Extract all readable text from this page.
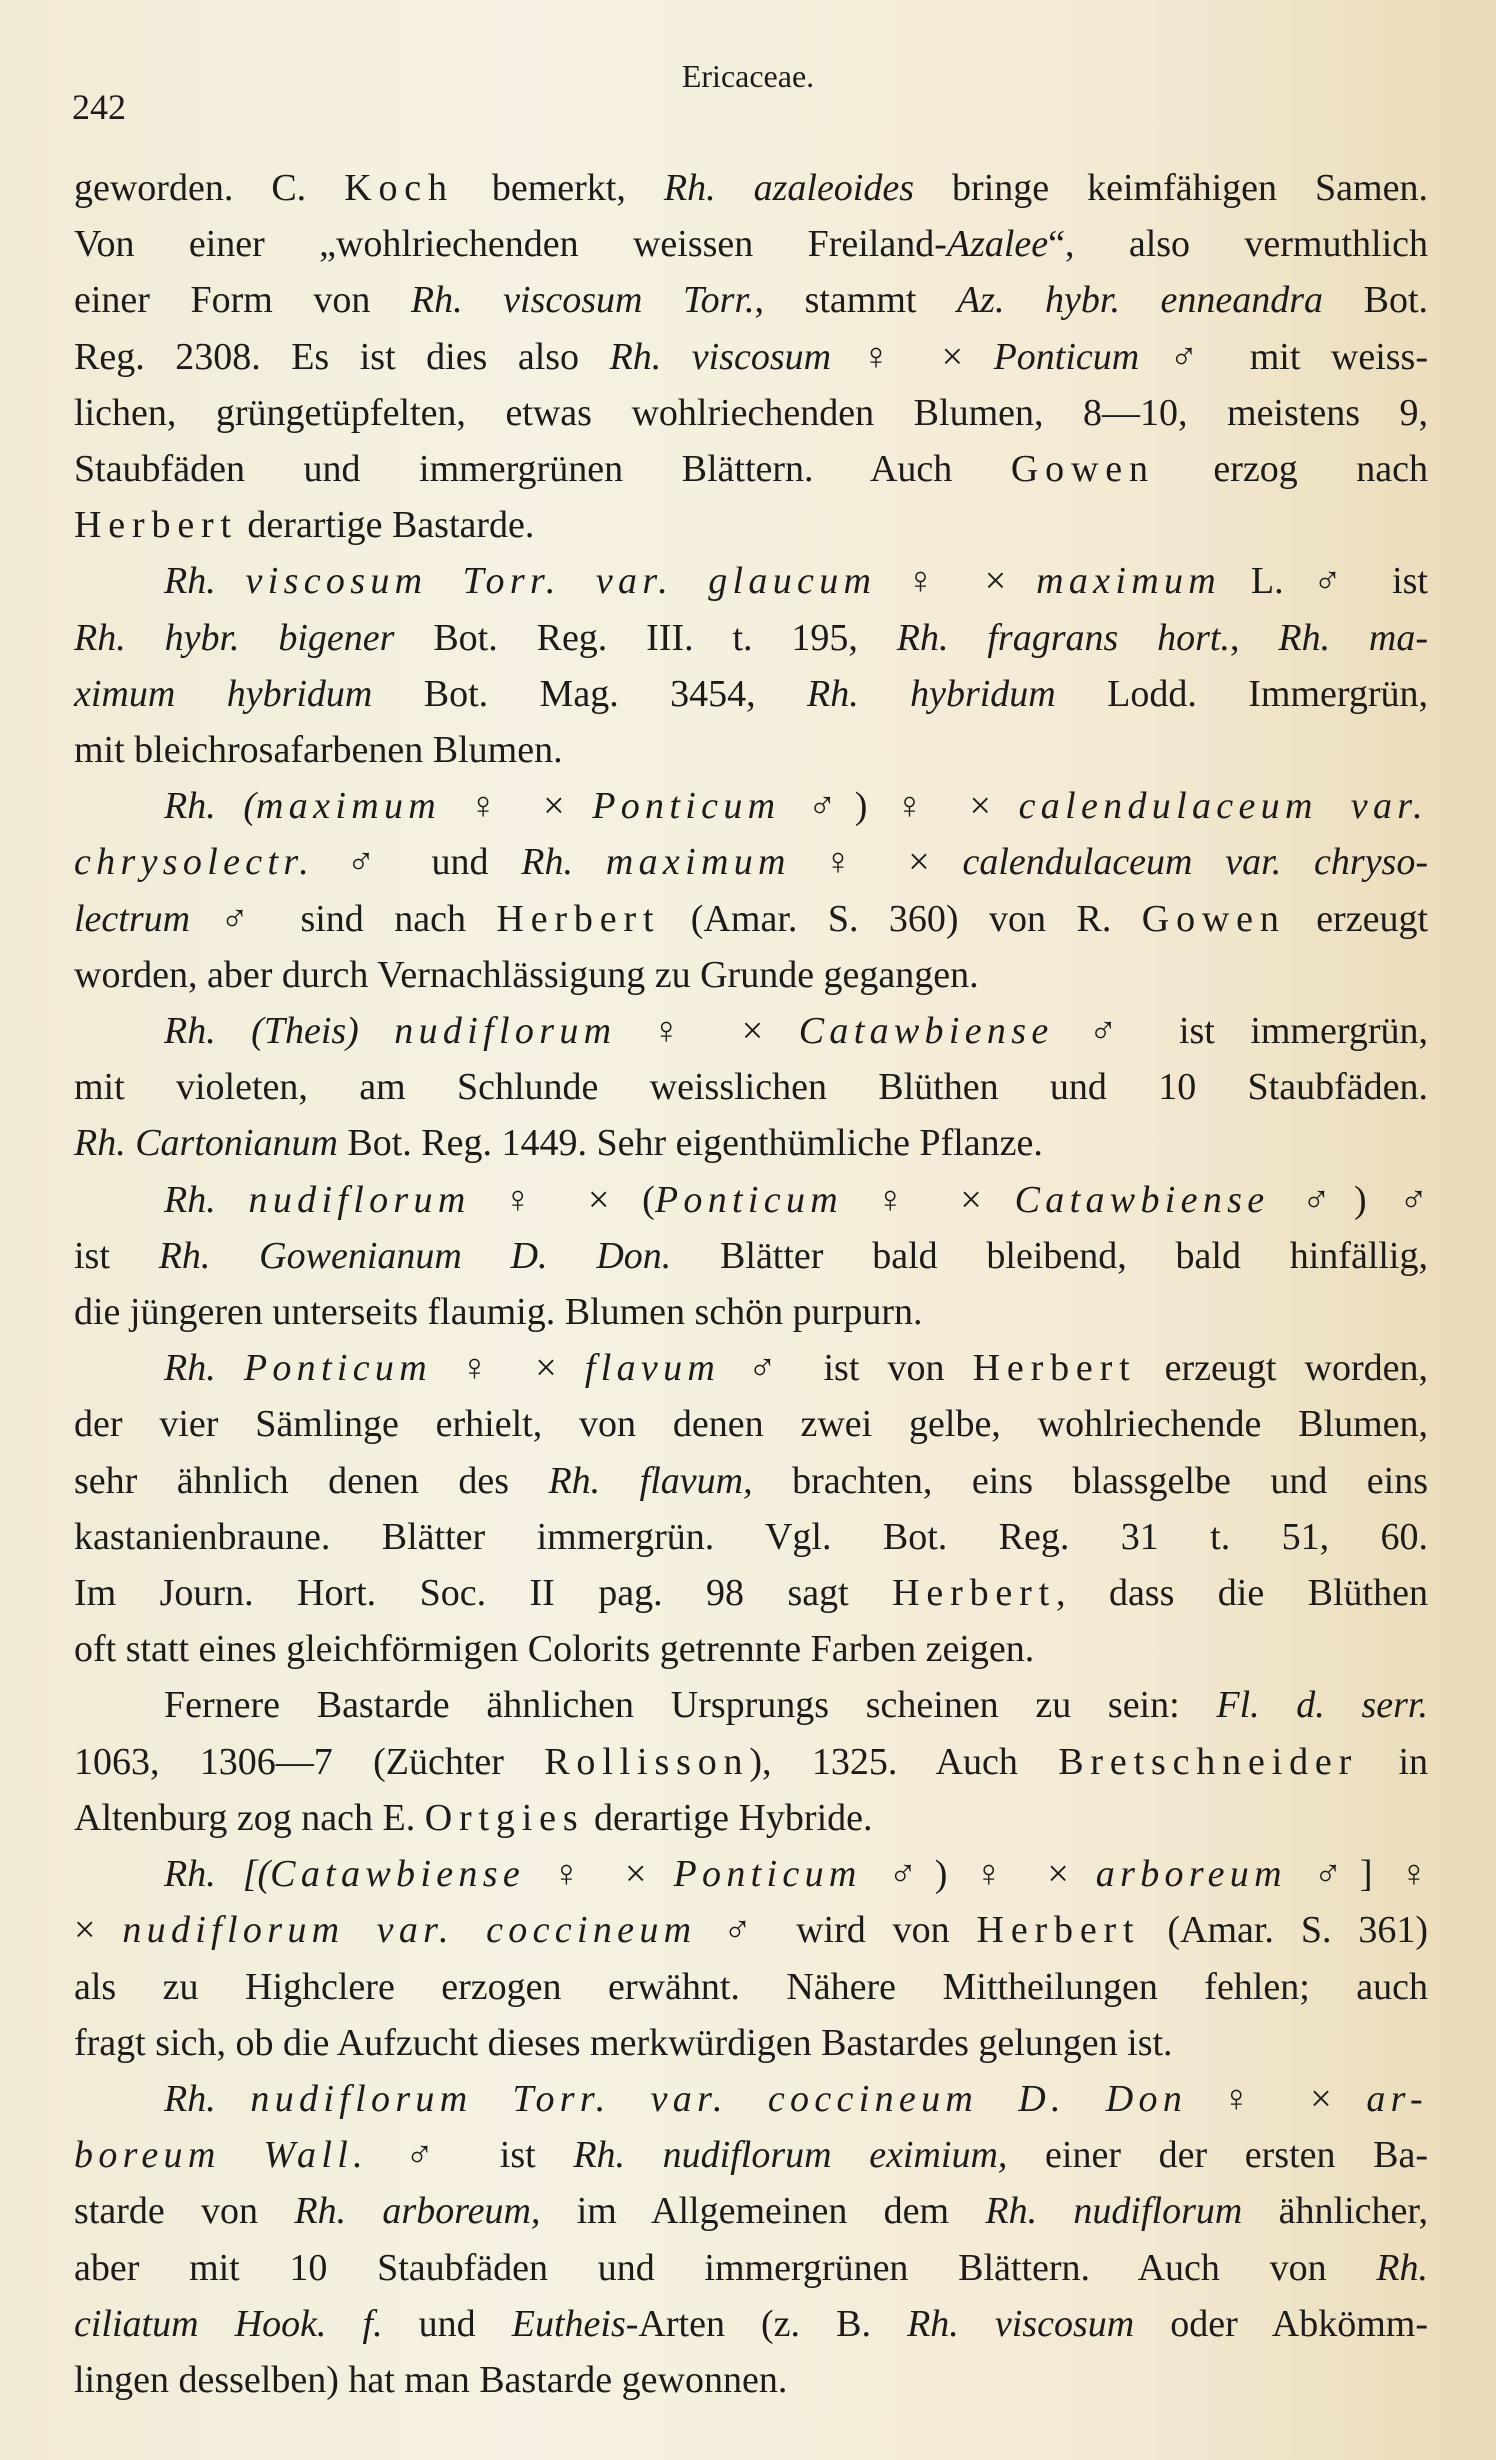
Ericaceae.
242
geworden. C. Koch bemerkt, Rh. azaleoides bringe keimfähigen Samen.
Von einer „wohlriechenden weissen Freiland-Azalee“, also vermuthlich
einer Form von Rh. viscosum Torr., stammt Az. hybr. enneandra Bot.
Reg. 2308. Es ist dies also Rh. viscosum ♀ × Ponticum ♂ mit weiss-
lichen, grüngetüpfelten, etwas wohlriechenden Blumen, 8—10, meistens 9,
Staubfäden und immergrünen Blättern. Auch Gowen erzog nach
Herbert derartige Bastarde.
Rh. viscosum Torr. var. glaucum ♀ × maximum L. ♂ ist
Rh. hybr. bigener Bot. Reg. III. t. 195, Rh. fragrans hort., Rh. ma-
ximum hybridum Bot. Mag. 3454, Rh. hybridum Lodd. Immergrün,
mit bleichrosafarbenen Blumen.
Rh. (maximum ♀ × Ponticum ♂) ♀ × calendulaceum var.
chrysolectr. ♂ und Rh. maximum ♀ × calendulaceum var. chryso-
lectrum ♂ sind nach Herbert (Amar. S. 360) von R. Gowen erzeugt
worden, aber durch Vernachlässigung zu Grunde gegangen.
Rh. (Theis) nudiflorum ♀ × Catawbiense ♂ ist immergrün,
mit violeten, am Schlunde weisslichen Blüthen und 10 Staubfäden.
Rh. Cartonianum Bot. Reg. 1449. Sehr eigenthümliche Pflanze.
Rh. nudiflorum ♀ × (Ponticum ♀ × Catawbiense ♂) ♂
ist Rh. Gowenianum D. Don. Blätter bald bleibend, bald hinfällig,
die jüngeren unterseits flaumig. Blumen schön purpurn.
Rh. Ponticum ♀ × flavum ♂ ist von Herbert erzeugt worden,
der vier Sämlinge erhielt, von denen zwei gelbe, wohlriechende Blumen,
sehr ähnlich denen des Rh. flavum, brachten, eins blassgelbe und eins
kastanienbraune. Blätter immergrün. Vgl. Bot. Reg. 31 t. 51, 60.
Im Journ. Hort. Soc. II pag. 98 sagt Herbert, dass die Blüthen
oft statt eines gleichförmigen Colorits getrennte Farben zeigen.
Fernere Bastarde ähnlichen Ursprungs scheinen zu sein: Fl. d. serr.
1063, 1306—7 (Züchter Rollisson), 1325. Auch Bretschneider in
Altenburg zog nach E. Ortgies derartige Hybride.
Rh. [(Catawbiense ♀ × Ponticum ♂) ♀ × arboreum ♂] ♀
× nudiflorum var. coccineum ♂ wird von Herbert (Amar. S. 361)
als zu Highclere erzogen erwähnt. Nähere Mittheilungen fehlen; auch
fragt sich, ob die Aufzucht dieses merkwürdigen Bastardes gelungen ist.
Rh. nudiflorum Torr. var. coccineum D. Don ♀ × ar-
boreum Wall. ♂ ist Rh. nudiflorum eximium, einer der ersten Ba-
starde von Rh. arboreum, im Allgemeinen dem Rh. nudiflorum ähnlicher,
aber mit 10 Staubfäden und immergrünen Blättern. Auch von Rh.
ciliatum Hook. f. und Eutheis-Arten (z. B. Rh. viscosum oder Abkömm-
lingen desselben) hat man Bastarde gewonnen.
